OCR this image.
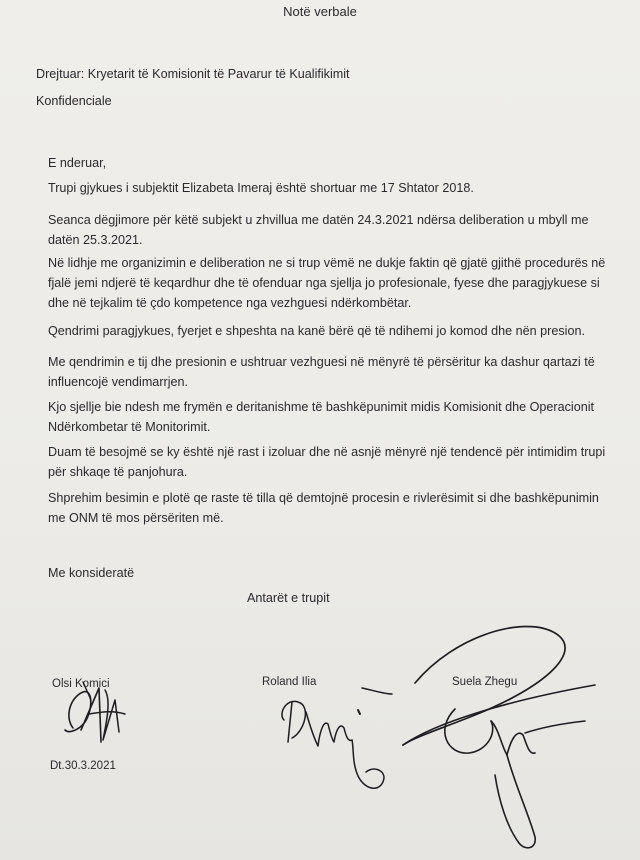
Notë verbale
Drejtuar: Kryetarit të Komisionit të Pavarur të Kualifikimit
Konfidenciale
E nderuar,
Trupi gjykues i subjektit Elizabeta Imeraj është shortuar me 17 Shtator 2018.
Seanca dëgjimore për këtë subjekt u zhvillua me datën 24.3.2021 ndërsa deliberation u mbyll me
datën 25.3.2021.
Në lidhje me organizimin e deliberation ne si trup vëmë ne dukje faktin që gjatë gjithë procedurës në
fjalë jemi ndjerë të keqardhur dhe të ofenduar nga sjellja jo profesionale, fyese dhe paragjykuese si
dhe në tejkalim të çdo kompetence nga vezhguesi ndërkombëtar.
Qendrimi paragjykues, fyerjet e shpeshta na kanë bërë që të ndihemi jo komod dhe nën presion.
Me qendrimin e tij dhe presionin e ushtruar vezhguesi në mënyrë të përsëritur ka dashur qartazi të
influencojë vendimarrjen.
Kjo sjellje bie ndesh me frymën e deritanishme të bashkëpunimit midis Komisionit dhe Operacionit
Ndërkombetar të Monitorimit.
Duam të besojmë se ky është një rast i izoluar dhe në asnjë mënyrë një tendencë për intimidim trupi
për shkaqe të panjohura.
Shprehim besimin e plotë qe raste të tilla që demtojnë procesin e rivlerësimit si dhe bashkëpunimin
me ONM të mos përsëriten më.
Me konsideratë
Antarët e trupit
Olsi Komici	Roland Ilia	Suela Zhegu
Dt.30.3.2021
